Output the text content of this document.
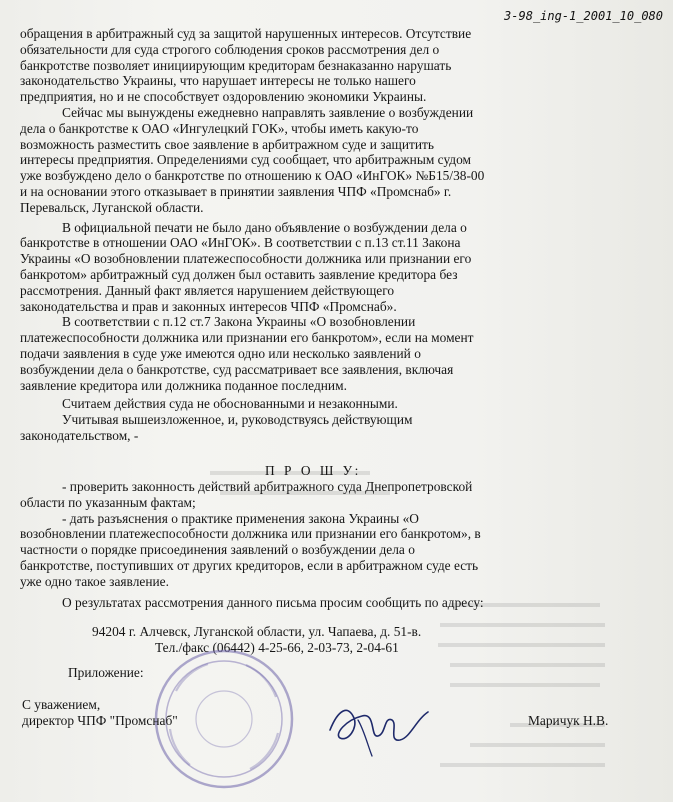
3-98_ing-1_2001_10_080

обращения в арбитражный суд за защитой нарушенных интересов. Отсутствие
обязательности для суда строгого соблюдения сроков рассмотрения дел о
банкротстве позволяет инициирующим кредиторам безнаказанно нарушать
законодательство Украины, что нарушает интересы не только нашего
предприятия, но и не способствует оздоровлению экономики Украины.

Сейчас мы вынуждены ежедневно направлять заявление о возбуждении
дела о банкротстве к ОАО «Ингулецкий ГОК», чтобы иметь какую-то
возможность разместить свое заявление в арбитражном суде и защитить
интересы предприятия. Определениями суд сообщает, что арбитражным судом
уже возбуждено дело о банкротстве по отношению к ОАО «ИнГОК» №Б15/38-00
и на основании этого отказывает в принятии заявления ЧПФ «Промснаб» г.
Перевальск, Луганской области.

В официальной печати не было дано объявление о возбуждении дела о
банкротстве в отношении ОАО «ИнГОК». В соответствии с п.13 ст.11 Закона
Украины «О возобновлении платежеспособности должника или признании его
банкротом» арбитражный суд должен был оставить заявление кредитора без
рассмотрения. Данный факт является нарушением действующего
законодательства и прав и законных интересов ЧПФ «Промснаб».

В соответствии с п.12 ст.7 Закона Украины «О возобновлении
платежеспособности должника или признании его банкротом», если на момент
подачи заявления в суде уже имеются одно или несколько заявлений о
возбуждении дела о банкротстве, суд рассматривает все заявления, включая
заявление кредитора или должника поданное последним.

Считаем действия суда не обоснованными и незаконными.

Учитывая вышеизложенное, и, руководствуясь действующим
законодательством, -

П Р О Ш У:

- проверить законность действий арбитражного суда Днепропетровской
области по указанным фактам;

- дать разъяснения о практике применения закона Украины «О
возобновлении платежеспособности должника или признании его банкротом», в
частности о порядке присоединения заявлений о возбуждении дела о
банкротстве, поступивших от других кредиторов, если в арбитражном суде есть
уже одно такое заявление.

О результатах рассмотрения данного письма просим сообщить по адресу:
94204 г. Алчевск, Луганской области, ул. Чапаева, д. 51-в.
Тел./факс (06442) 4-25-66, 2-03-73, 2-04-61
Приложение:
С уважением,
директор ЧПФ "Промснаб"	Маричук Н.В.
